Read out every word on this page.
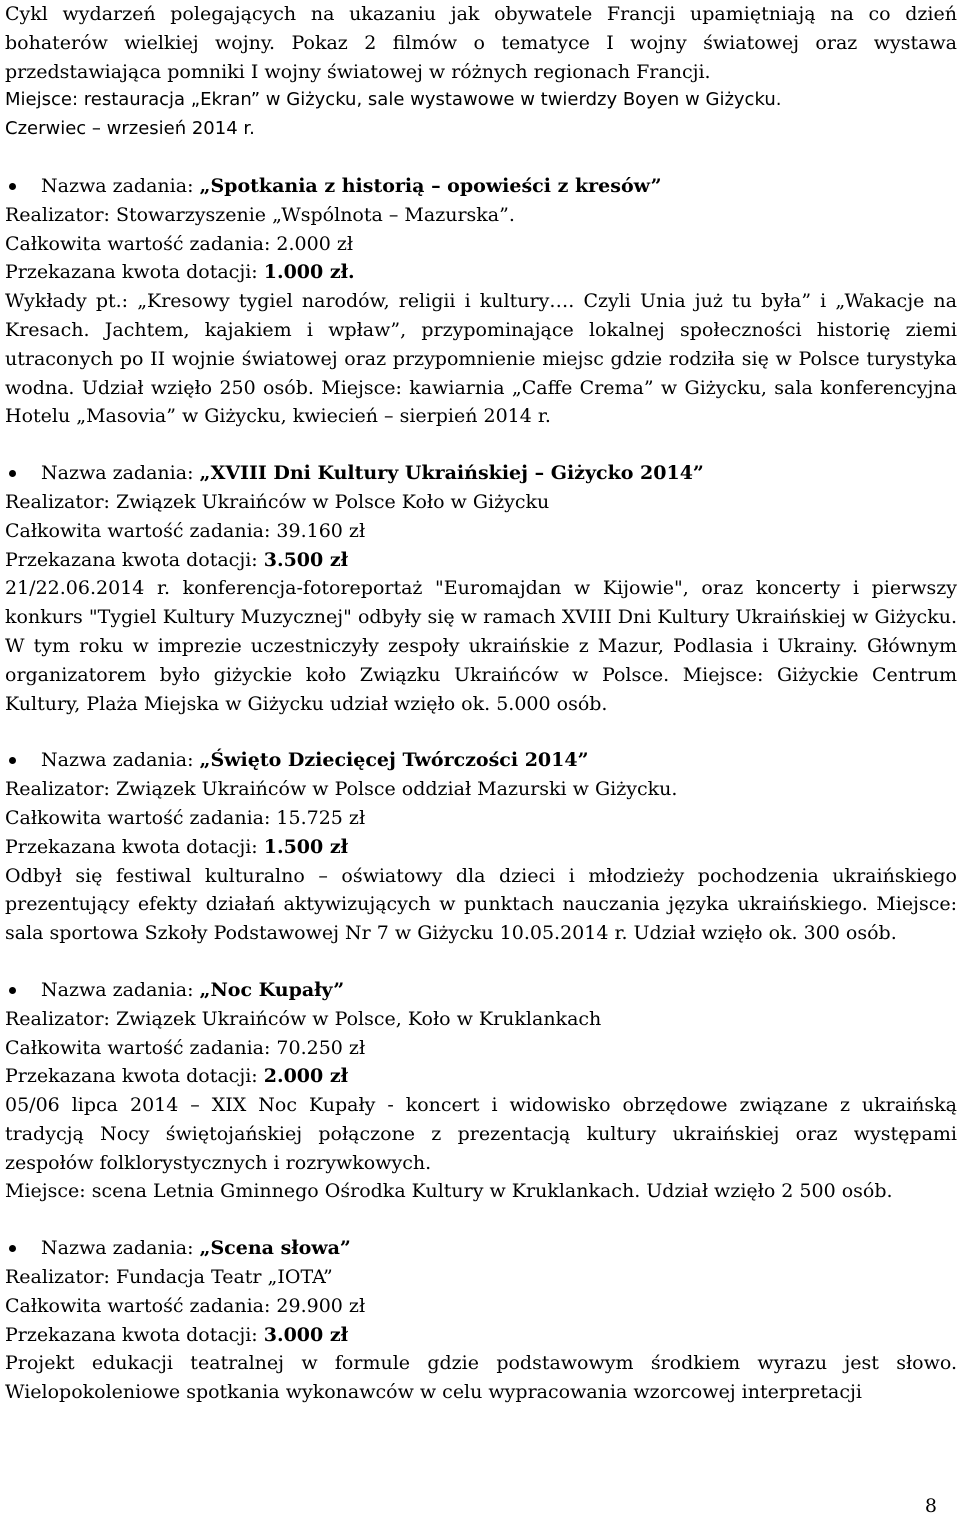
Cykl wydarzeń polegających na ukazaniu jak obywatele Francji upamiętniają na co dzień bohaterów wielkiej wojny. Pokaz 2 filmów o tematyce I wojny światowej oraz wystawa przedstawiająca pomniki I wojny światowej w różnych regionach Francji.

Miejsce: restauracja „Ekran” w Giżycku, sale wystawowe w twierdzy Boyen w Giżycku.

Czerwiec – wrzesień 2014 r.

Nazwa zadania: „Spotkania z historią – opowieści z kresów”

Realizator: Stowarzyszenie „Wspólnota – Mazurska”.

Całkowita wartość zadania: 2.000 zł

Przekazana kwota dotacji: 1.000 zł.

Wykłady pt.: „Kresowy tygiel narodów, religii i kultury…. Czyli Unia już tu była” i „Wakacje na Kresach. Jachtem, kajakiem i wpław”, przypominające lokalnej społeczności historię ziemi utraconych po II wojnie światowej oraz przypomnienie miejsc gdzie rodziła się w Polsce turystyka wodna. Udział wzięło 250 osób. Miejsce: kawiarnia „Caffe Crema” w Giżycku, sala konferencyjna Hotelu „Masovia” w Giżycku, kwiecień – sierpień 2014 r.

Nazwa zadania: „XVIII Dni Kultury Ukraińskiej – Giżycko 2014”

Realizator: Związek Ukraińców w Polsce Koło w Giżycku

Całkowita wartość zadania: 39.160 zł

Przekazana kwota dotacji: 3.500 zł

21/22.06.2014 r. konferencja-fotoreportaż "Euromajdan w Kijowie", oraz koncerty i pierwszy konkurs "Tygiel Kultury Muzycznej" odbyły się w ramach XVIII Dni Kultury Ukraińskiej w Giżycku. W tym roku w imprezie uczestniczyły zespoły ukraińskie z Mazur, Podlasia i Ukrainy. Głównym organizatorem było giżyckie koło Związku Ukraińców w Polsce. Miejsce: Giżyckie Centrum Kultury, Plaża Miejska w Giżycku udział wzięło ok. 5.000 osób.

Nazwa zadania: „Święto Dziecięcej Twórczości 2014”

Realizator: Związek Ukraińców w Polsce oddział Mazurski w Giżycku.

Całkowita wartość zadania: 15.725 zł

Przekazana kwota dotacji: 1.500 zł

Odbył się festiwal kulturalno – oświatowy dla dzieci i młodzieży pochodzenia ukraińskiego prezentujący efekty działań aktywizujących w punktach nauczania języka ukraińskiego. Miejsce: sala sportowa Szkoły Podstawowej Nr 7 w Giżycku 10.05.2014 r. Udział wzięło ok. 300 osób.

Nazwa zadania: „Noc Kupały”

Realizator: Związek Ukraińców w Polsce, Koło w Kruklankach

Całkowita wartość zadania: 70.250 zł

Przekazana kwota dotacji: 2.000 zł

05/06 lipca 2014 – XIX Noc Kupały - koncert i widowisko obrzędowe związane z ukraińską tradycją Nocy świętojańskiej połączone z prezentacją kultury ukraińskiej oraz występami zespołów folklorystycznych i rozrywkowych.

Miejsce: scena Letnia Gminnego Ośrodka Kultury w Kruklankach. Udział wzięło 2 500 osób.

Nazwa zadania: „Scena słowa”

Realizator: Fundacja Teatr „IOTA”

Całkowita wartość zadania: 29.900 zł

Przekazana kwota dotacji: 3.000 zł

Projekt edukacji teatralnej w formule gdzie podstawowym środkiem wyrazu jest słowo. Wielopokoleniowe spotkania wykonawców w celu wypracowania wzorcowej interpretacji

8
